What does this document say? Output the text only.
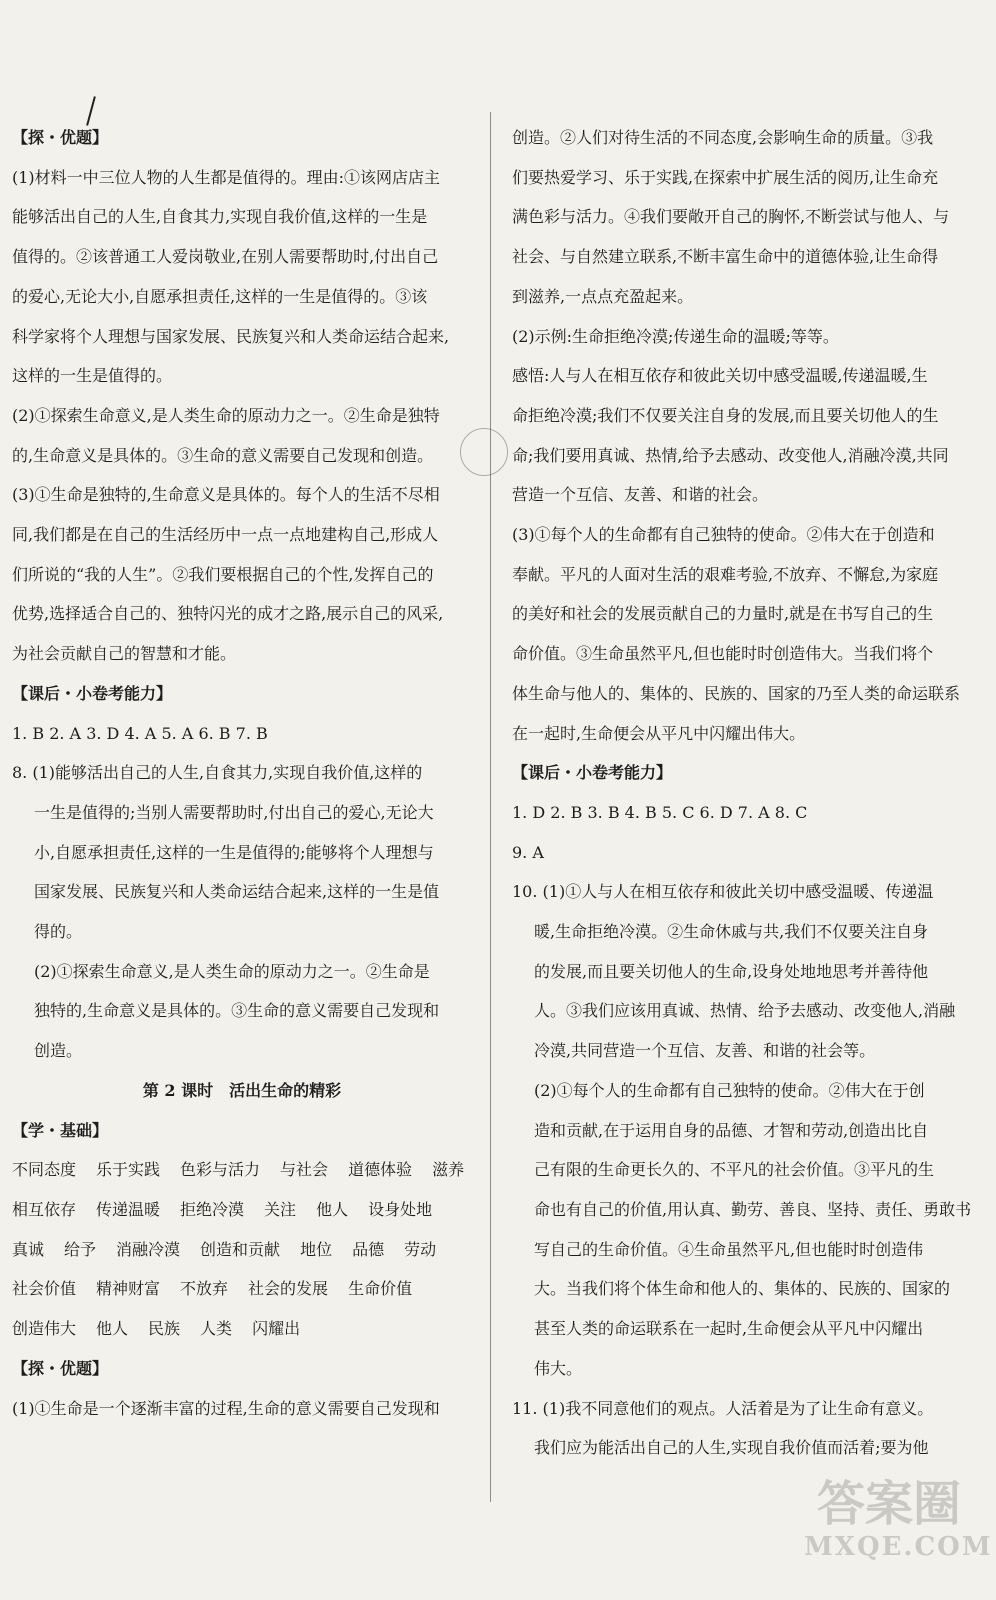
【探・优题】

(1)材料一中三位人物的人生都是值得的。理由:①该网店店主

能够活出自己的人生,自食其力,实现自我价值,这样的一生是

值得的。②该普通工人爱岗敬业,在别人需要帮助时,付出自己

的爱心,无论大小,自愿承担责任,这样的一生是值得的。③该

科学家将个人理想与国家发展、民族复兴和人类命运结合起来,

这样的一生是值得的。

(2)①探索生命意义,是人类生命的原动力之一。②生命是独特

的,生命意义是具体的。③生命的意义需要自己发现和创造。

(3)①生命是独特的,生命意义是具体的。每个人的生活不尽相

同,我们都是在自己的生活经历中一点一点地建构自己,形成人

们所说的“我的人生”。②我们要根据自己的个性,发挥自己的

优势,选择适合自己的、独特闪光的成才之路,展示自己的风采,

为社会贡献自己的智慧和才能。

【课后・小卷考能力】

1. B 2. A 3. D 4. A 5. A 6. B 7. B

8. (1)能够活出自己的人生,自食其力,实现自我价值,这样的

一生是值得的;当别人需要帮助时,付出自己的爱心,无论大

小,自愿承担责任,这样的一生是值得的;能够将个人理想与

国家发展、民族复兴和人类命运结合起来,这样的一生是值

得的。

(2)①探索生命意义,是人类生命的原动力之一。②生命是

独特的,生命意义是具体的。③生命的意义需要自己发现和

创造。

第 2 课时　活出生命的精彩

【学・基础】

不同态度 乐于实践 色彩与活力 与社会 道德体验 滋养
相互依存 传递温暖 拒绝冷漠 关注 他人 设身处地
真诚 给予 消融冷漠 创造和贡献 地位 品德 劳动
社会价值 精神财富 不放弃 社会的发展 生命价值
创造伟大 他人 民族 人类 闪耀出

【探・优题】

(1)①生命是一个逐渐丰富的过程,生命的意义需要自己发现和

创造。②人们对待生活的不同态度,会影响生命的质量。③我

们要热爱学习、乐于实践,在探索中扩展生活的阅历,让生命充

满色彩与活力。④我们要敞开自己的胸怀,不断尝试与他人、与

社会、与自然建立联系,不断丰富生命中的道德体验,让生命得

到滋养,一点点充盈起来。

(2)示例:生命拒绝冷漠;传递生命的温暖;等等。

感悟:人与人在相互依存和彼此关切中感受温暖,传递温暖,生

命拒绝冷漠;我们不仅要关注自身的发展,而且要关切他人的生

命;我们要用真诚、热情,给予去感动、改变他人,消融冷漠,共同

营造一个互信、友善、和谐的社会。

(3)①每个人的生命都有自己独特的使命。②伟大在于创造和

奉献。平凡的人面对生活的艰难考验,不放弃、不懈怠,为家庭

的美好和社会的发展贡献自己的力量时,就是在书写自己的生

命价值。③生命虽然平凡,但也能时时创造伟大。当我们将个

体生命与他人的、集体的、民族的、国家的乃至人类的命运联系

在一起时,生命便会从平凡中闪耀出伟大。

【课后・小卷考能力】

1. D 2. B 3. B 4. B 5. C 6. D 7. A 8. C

9. A

10. (1)①人与人在相互依存和彼此关切中感受温暖、传递温

暖,生命拒绝冷漠。②生命休戚与共,我们不仅要关注自身

的发展,而且要关切他人的生命,设身处地地思考并善待他

人。③我们应该用真诚、热情、给予去感动、改变他人,消融

冷漠,共同营造一个互信、友善、和谐的社会等。

(2)①每个人的生命都有自己独特的使命。②伟大在于创

造和贡献,在于运用自身的品德、才智和劳动,创造出比自

己有限的生命更长久的、不平凡的社会价值。③平凡的生

命也有自己的价值,用认真、勤劳、善良、坚持、责任、勇敢书

写自己的生命价值。④生命虽然平凡,但也能时时创造伟

大。当我们将个体生命和他人的、集体的、民族的、国家的

甚至人类的命运联系在一起时,生命便会从平凡中闪耀出

伟大。

11. (1)我不同意他们的观点。人活着是为了让生命有意义。

我们应为能活出自己的人生,实现自我价值而活着;要为他

答案圈
MXQE.COM
